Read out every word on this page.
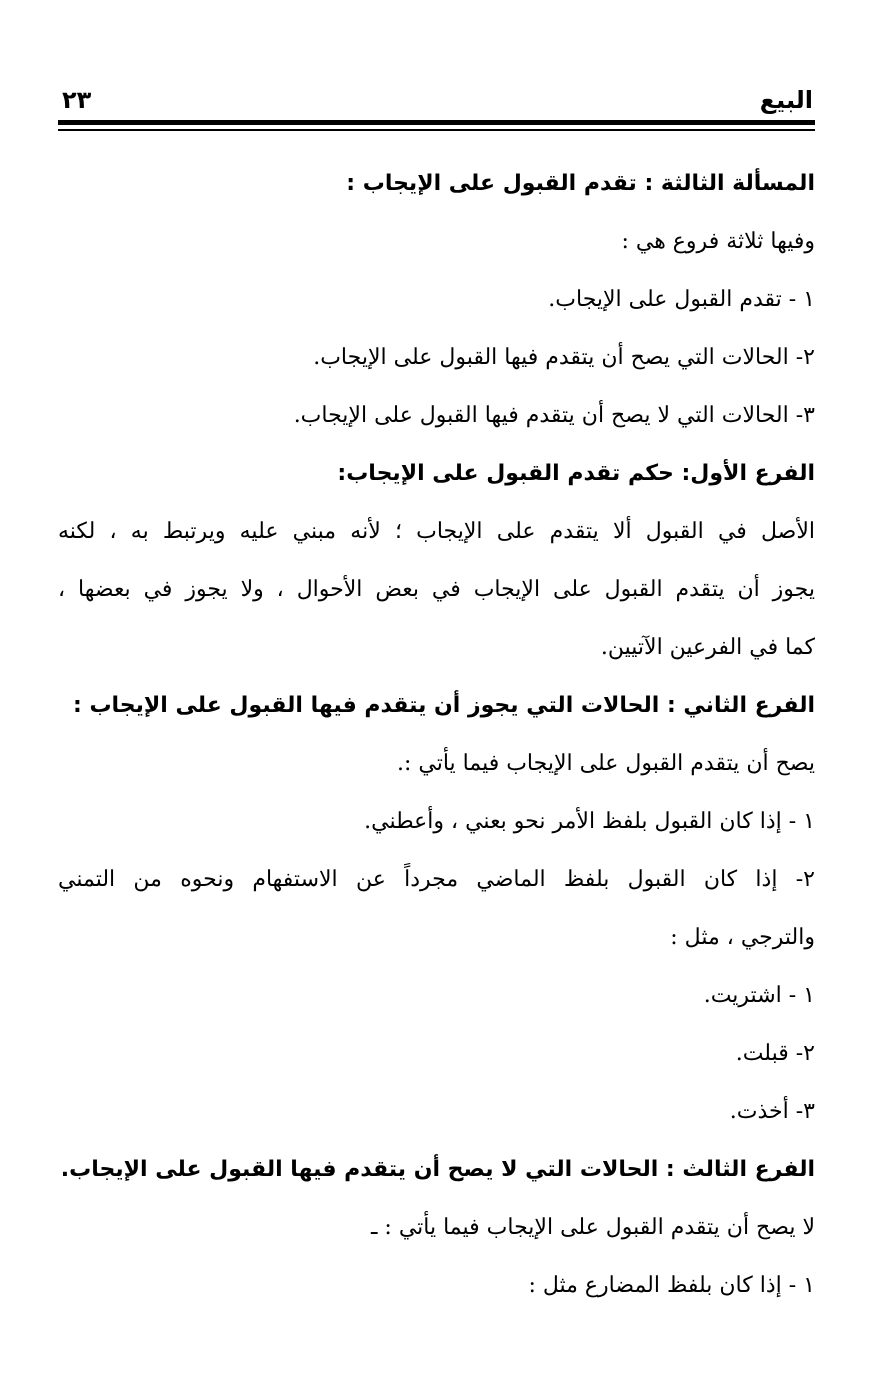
البيع
٢٣
المسألة الثالثة : تقدم القبول على الإيجاب :
وفيها ثلاثة فروع هي :
١ - تقدم القبول على الإيجاب.
٢- الحالات التي يصح أن يتقدم فيها القبول على الإيجاب.
٣- الحالات التي لا يصح أن يتقدم فيها القبول على الإيجاب.
الفرع الأول: حكم تقدم القبول على الإيجاب:
الأصل في القبول ألا يتقدم على الإيجاب ؛ لأنه مبني عليه ويرتبط به ، لكنه
يجوز أن يتقدم القبول على الإيجاب في بعض الأحوال ، ولا يجوز في بعضها ،
كما في الفرعين الآتيين.
الفرع الثاني : الحالات التي يجوز أن يتقدم فيها القبول على الإيجاب :
يصح أن يتقدم القبول على الإيجاب فيما يأتي :.
١ - إذا كان القبول بلفظ الأمر نحو بعني ، وأعطني.
٢- إذا كان القبول بلفظ الماضي مجرداً عن الاستفهام ونحوه من التمني
والترجي ، مثل :
١ - اشتريت.
٢- قبلت.
٣- أخذت.
الفرع الثالث : الحالات التي لا يصح أن يتقدم فيها القبول على الإيجاب.
لا يصح أن يتقدم القبول على الإيجاب فيما يأتي : ـ
١ - إذا كان بلفظ المضارع مثل :
